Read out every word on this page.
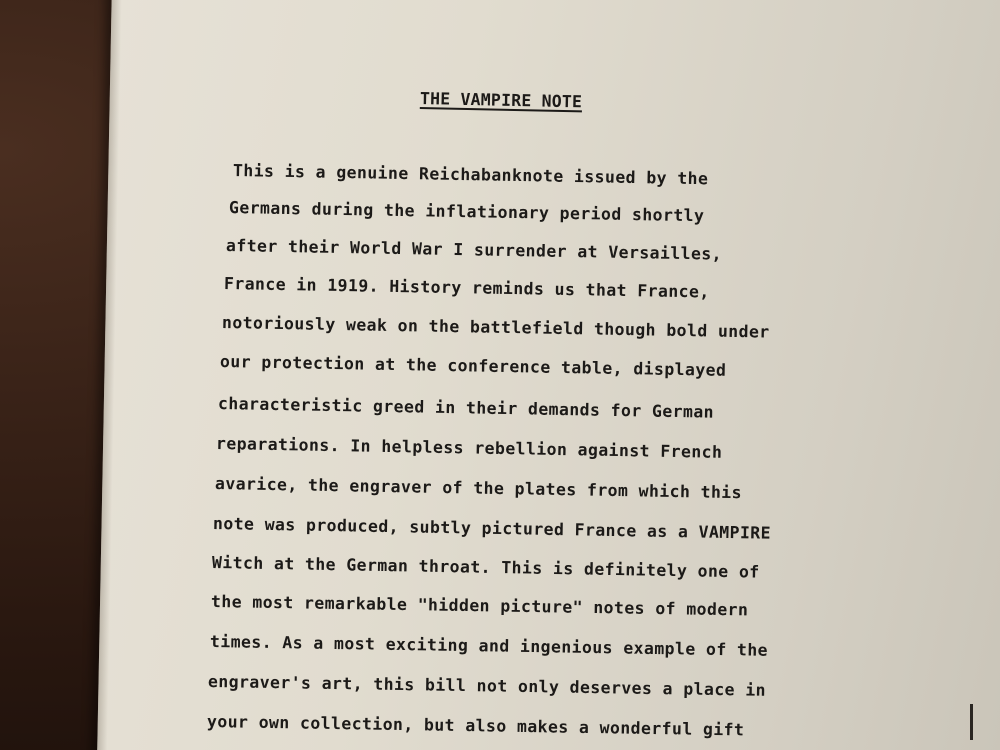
THE VAMPIRE NOTE

This is a genuine Reichabanknote issued by the

Germans during the inflationary period shortly

after their World War I surrender at Versailles,

France in 1919. History reminds us that France,

notoriously weak on the battlefield though bold under

our protection at the conference table, displayed

characteristic greed in their demands for German

reparations. In helpless rebellion against French

avarice, the engraver of the plates from which this

note was produced, subtly pictured France as a VAMPIRE

Witch at the German throat. This is definitely one of

the most remarkable "hidden picture" notes of modern

times. As a most exciting and ingenious example of the

engraver's art, this bill not only deserves a place in

your own collection, but also makes a wonderful gift
